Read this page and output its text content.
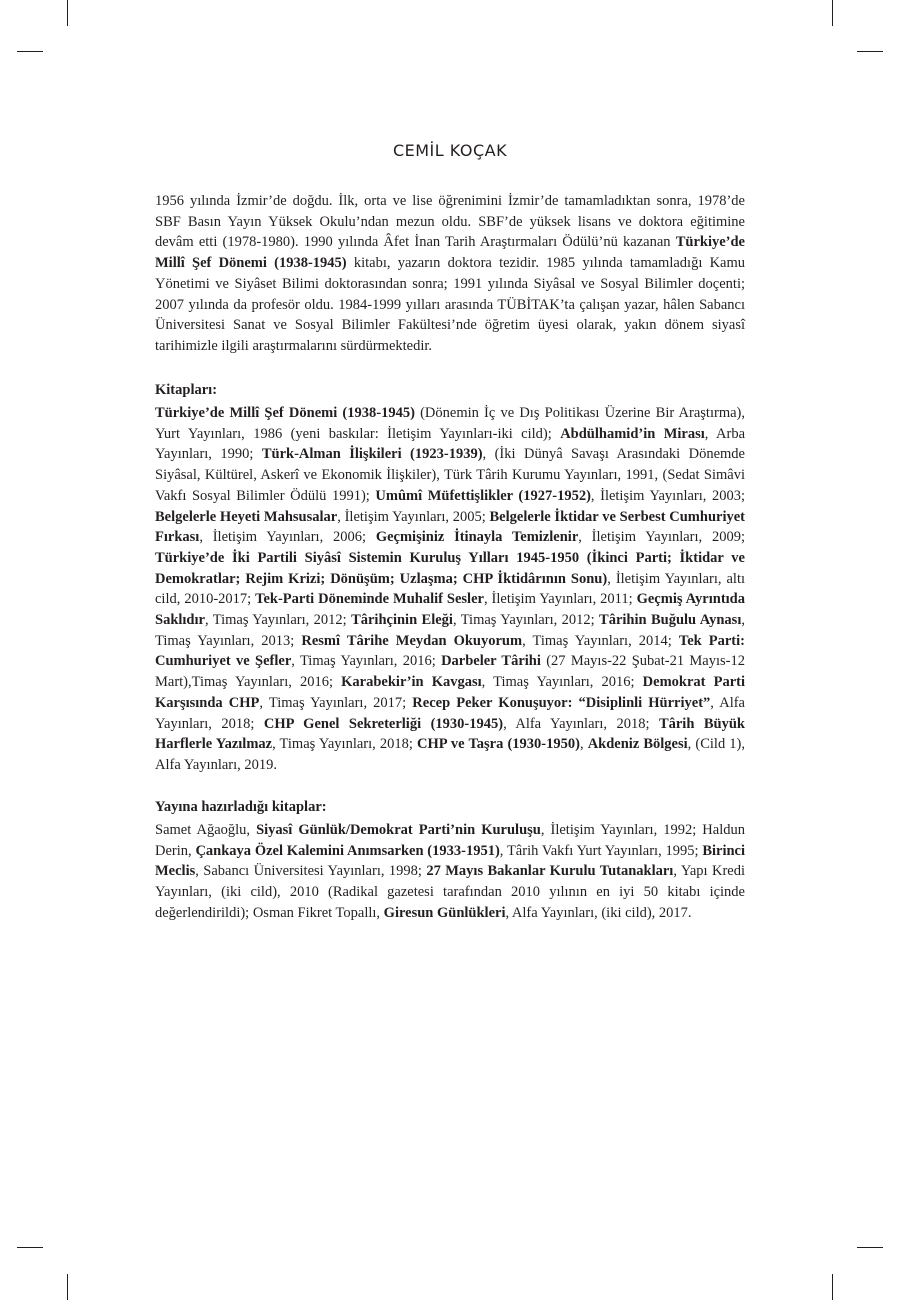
CEMİL KOÇAK

1956 yılında İzmir’de doğdu. İlk, orta ve lise öğrenimini İzmir’de tamamladıktan sonra, 1978’de SBF Basın Yayın Yüksek Okulu’ndan mezun oldu. SBF’de yüksek lisans ve doktora eğitimine devâm etti (1978-1980). 1990 yılında Âfet İnan Tarih Araştırmaları Ödülü’nü kazanan Türkiye’de Millî Şef Dönemi (1938-1945) kitabı, yazarın doktora tezidir. 1985 yılında tamamladığı Kamu Yönetimi ve Siyâset Bilimi doktorasından sonra; 1991 yılında Siyâsal ve Sosyal Bilimler doçenti; 2007 yılında da profesör oldu. 1984-1999 yılları arasında TÜBİTAK’ta çalışan yazar, hâlen Sabancı Üniversitesi Sanat ve Sosyal Bilimler Fakültesi’nde öğretim üyesi olarak, yakın dönem siyasî tarihimizle ilgili araştırmalarını sürdürmektedir.

Kitapları:

Türkiye’de Millî Şef Dönemi (1938-1945) (Dönemin İç ve Dış Politikası Üzerine Bir Araştırma), Yurt Yayınları, 1986 (yeni baskılar: İletişim Yayınları-iki cild); Abdülhamid’in Mirası, Arba Yayınları, 1990; Türk-Alman İlişkileri (1923-1939), (İki Dünyâ Savaşı Arasındaki Dönemde Siyâsal, Kültürel, Askerî ve Ekonomik İlişkiler), Türk Târih Kurumu Yayınları, 1991, (Sedat Simâvi Vakfı Sosyal Bilimler Ödülü 1991); Umûmî Müfettişlikler (1927-1952), İletişim Yayınları, 2003; Belgelerle Heyeti Mahsusalar, İletişim Yayınları, 2005; Belgelerle İktidar ve Serbest Cumhuriyet Fırkası, İletişim Yayınları, 2006; Geçmişiniz İtinayla Temizlenir, İletişim Yayınları, 2009; Türkiye’de İki Partili Siyâsî Sistemin Kuruluş Yılları 1945-1950 (İkinci Parti; İktidar ve Demokratlar; Rejim Krizi; Dönüşüm; Uzlaşma; CHP İktidârının Sonu), İletişim Yayınları, altı cild, 2010-2017; Tek-Parti Döneminde Muhalif Sesler, İletişim Yayınları, 2011; Geçmiş Ayrıntıda Saklıdır, Timaş Yayınları, 2012; Târihçinin Eleği, Timaş Yayınları, 2012; Târihin Buğulu Aynası, Timaş Yayınları, 2013; Resmî Târihe Meydan Okuyorum, Timaş Yayınları, 2014; Tek Parti: Cumhuriyet ve Şefler, Timaş Yayınları, 2016; Darbeler Târihi (27 Mayıs-22 Şubat-21 Mayıs-12 Mart),Timaş Yayınları, 2016; Karabekir’in Kavgası, Timaş Yayınları, 2016; Demokrat Parti Karşısında CHP, Timaş Yayınları, 2017; Recep Peker Konuşuyor: “Disiplinli Hürriyet”, Alfa Yayınları, 2018; CHP Genel Sekreterliği (1930-1945), Alfa Yayınları, 2018; Târih Büyük Harflerle Yazılmaz, Timaş Yayınları, 2018; CHP ve Taşra (1930-1950), Akdeniz Bölgesi, (Cild 1), Alfa Yayınları, 2019.

Yayına hazırladığı kitaplar:

Samet Ağaoğlu, Siyasî Günlük/Demokrat Parti’nin Kuruluşu, İletişim Yayınları, 1992; Haldun Derin, Çankaya Özel Kalemini Anımsarken (1933-1951), Târih Vakfı Yurt Yayınları, 1995; Birinci Meclis, Sabancı Üniversitesi Yayınları, 1998; 27 Mayıs Bakanlar Kurulu Tutanakları, Yapı Kredi Yayınları, (iki cild), 2010 (Radikal gazetesi tarafından 2010 yılının en iyi 50 kitabı içinde değerlendirildi); Osman Fikret Topallı, Giresun Günlükleri, Alfa Yayınları, (iki cild), 2017.
